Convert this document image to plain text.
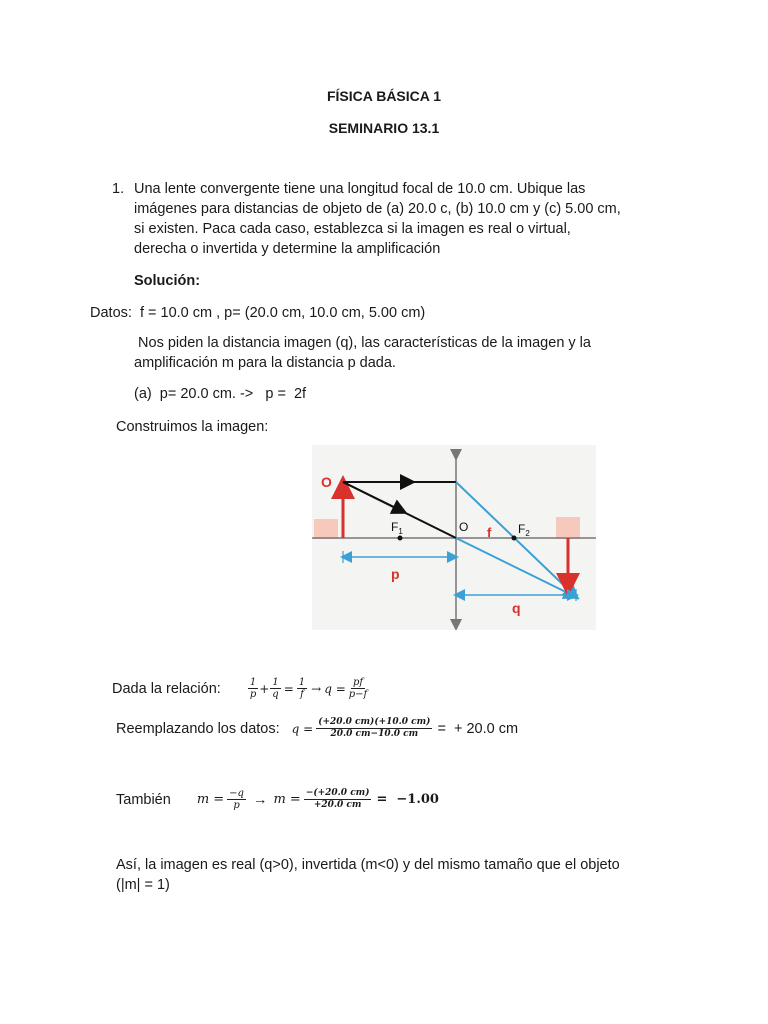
FÍSICA BÁSICA 1
SEMINARIO 13.1
1. Una lente convergente tiene una longitud focal de 10.0 cm. Ubique las
imágenes para distancias de objeto de (a) 20.0 c, (b) 10.0 cm y (c) 5.00 cm,
si existen. Paca cada caso, establezca si la imagen es real o virtual,
derecha o invertida y determine la amplificación
Solución:
Datos:  f = 10.0 cm , p= (20.0 cm, 10.0 cm, 5.00 cm)
Nos piden la distancia imagen (q), las características de la imagen y la
amplificación m para la distancia p dada.
(a)  p= 20.0 cm. ->   p =  2f
Construimos la imagen:
O
$F_1$	O f $F_2$
p
q
Dada la relación:	$\frac{1}{p} + \frac{1}{q} = \frac{1}{f} \to q = \frac{pf}{p-f}$
Reemplazando los datos: $q = \frac{(+20.0 cm)(+10.0 cm)}{20.0 cm-10.0 cm}$ =  + 20.0 cm
También $m = \frac{-q}{p} \to m = \frac{-(+20.0 cm)}{+20.0 cm} = -1.00$
Así, la imagen es real (q>0), invertida (m<0) y del mismo tamaño que el objeto
(|m| = 1)
